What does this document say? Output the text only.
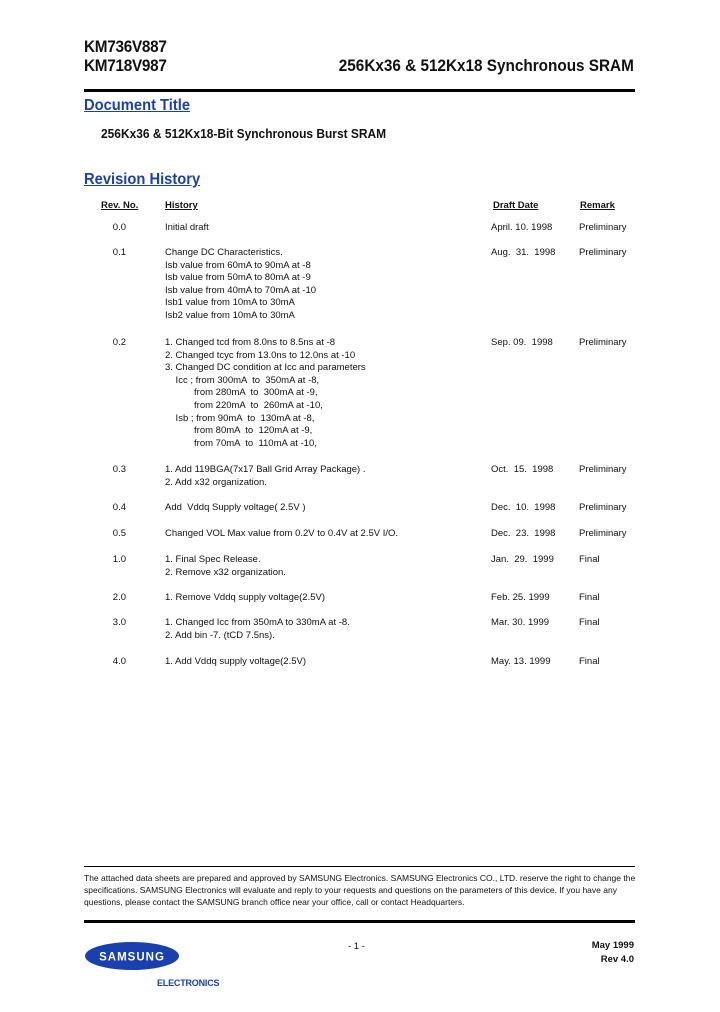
KM736V887
KM718V987	256Kx36 & 512Kx18 Synchronous SRAM
Document Title
256Kx36 & 512Kx18-Bit Synchronous Burst SRAM
Revision History
Rev. No.	History	Draft Date	Remark
0.0	Initial draft	April. 10. 1998	Preliminary
0.1	Change DC Characteristics.
Isb value from 60mA to 90mA at -8
Isb value from 50mA to 80mA at -9
Isb value from 40mA to 70mA at -10
Isb1 value from 10mA to 30mA
Isb2 value from 10mA to 30mA
Aug.  31.  1998 Preliminary
0.2	1. Changed tcd from 8.0ns to 8.5ns at -8
2. Changed tcyc from 13.0ns to 12.0ns at -10
3. Changed DC condition at Icc and parameters
Icc ; from 300mA  to  350mA at -8,
from 280mA  to  300mA at -9,
from 220mA  to  260mA at -10,
Isb ; from 90mA  to  130mA at -8,
from 80mA  to  120mA at -9,
from 70mA  to  110mA at -10,
Sep. 09.  1998	Preliminary
0.3	1. Add 119BGA(7x17 Ball Grid Array Package) .
2. Add x32 organization.
Oct.  15.  1998	Preliminary
0.4	Add  Vddq Supply voltage( 2.5V )	Dec.  10.  1998 Preliminary
0.5	Changed VOL Max value from 0.2V to 0.4V at 2.5V I/O.	Dec.  23.  1998 Preliminary
1.0	1. Final Spec Release.
2. Remove x32 organization.
Jan.  29.  1999	Final
2.0	1. Remove Vddq supply voltage(2.5V)	Feb. 25. 1999	Final
3.0	1. Changed Icc from 350mA to 330mA at -8.
2. Add bin -7. (tCD 7.5ns).
Mar. 30. 1999	Final
4.0	1. Add Vddq supply voltage(2.5V)	May. 13. 1999	Final
The attached data sheets are prepared and approved by SAMSUNG Electronics. SAMSUNG Electronics CO., LTD. reserve the right to change the specifications. SAMSUNG Electronics will evaluate and reply to your requests and questions on the parameters of this device. If you have any questions, please contact the SAMSUNG branch office near your office, call or contact Headquarters.
SAMSUNG
ELECTRONICS
- 1 -	May 1999
Rev 4.0
